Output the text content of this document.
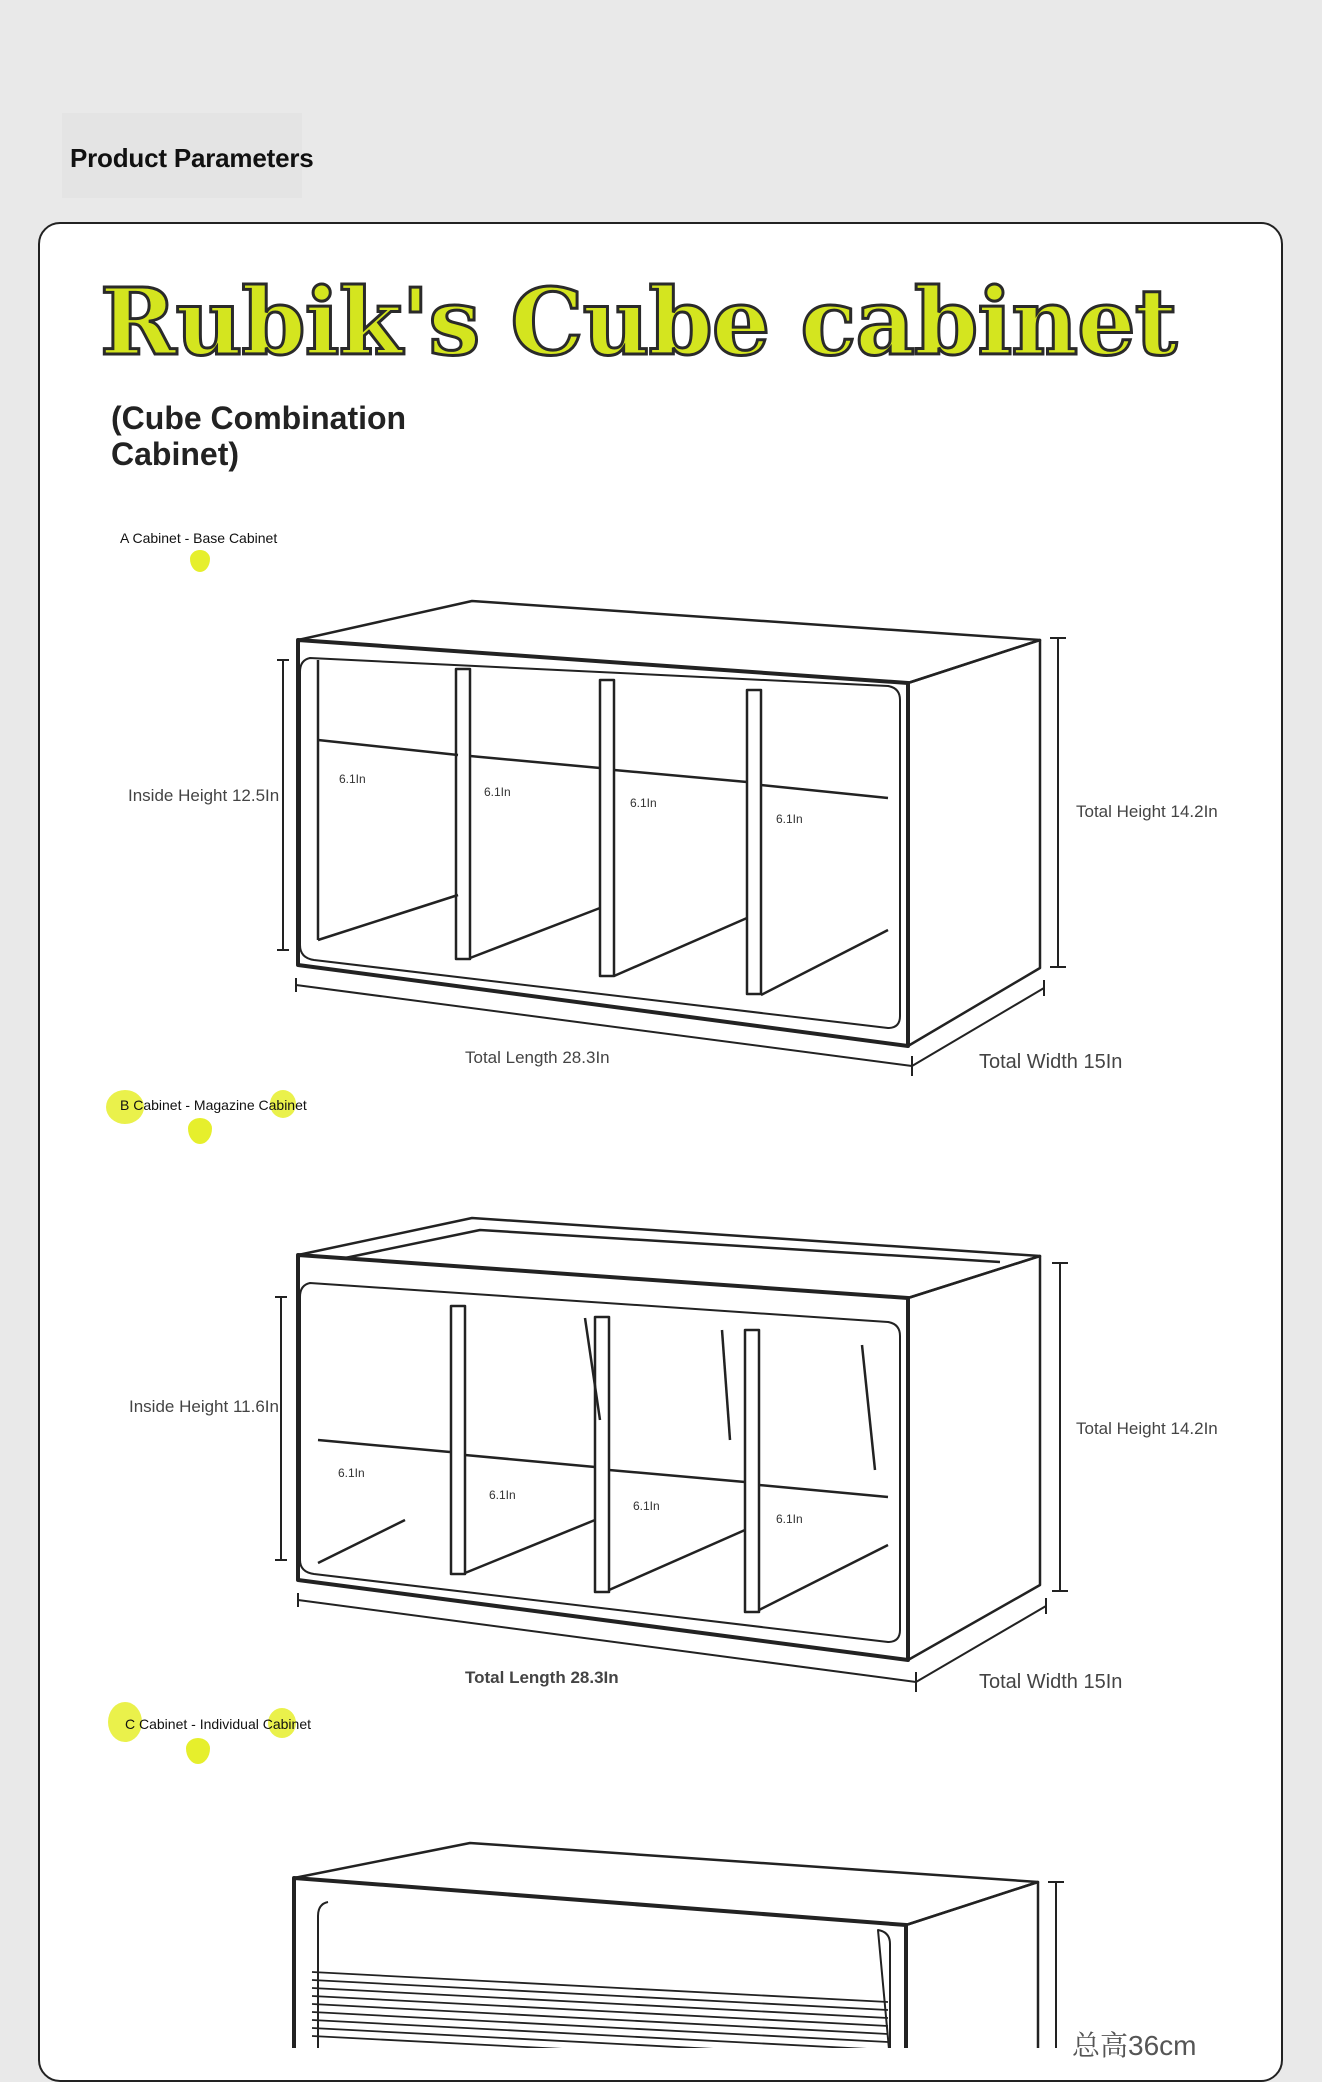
Product Parameters
Rubik's Cube cabinet
(Cube Combination Cabinet)
A Cabinet - Base Cabinet
B Cabinet - Magazine Cabinet
C Cabinet - Individual Cabinet
Inside Height 12.5In
Total Height 14.2In
Total Length 28.3In	Total Width 15In
6.1In
6.1In
6.1In
6.1In
Inside Height 11.6In
Total Height 14.2In
Total Length 28.3In	Total Width 15In
6.1In
6.1In
6.1In
6.1In
总高36cm
